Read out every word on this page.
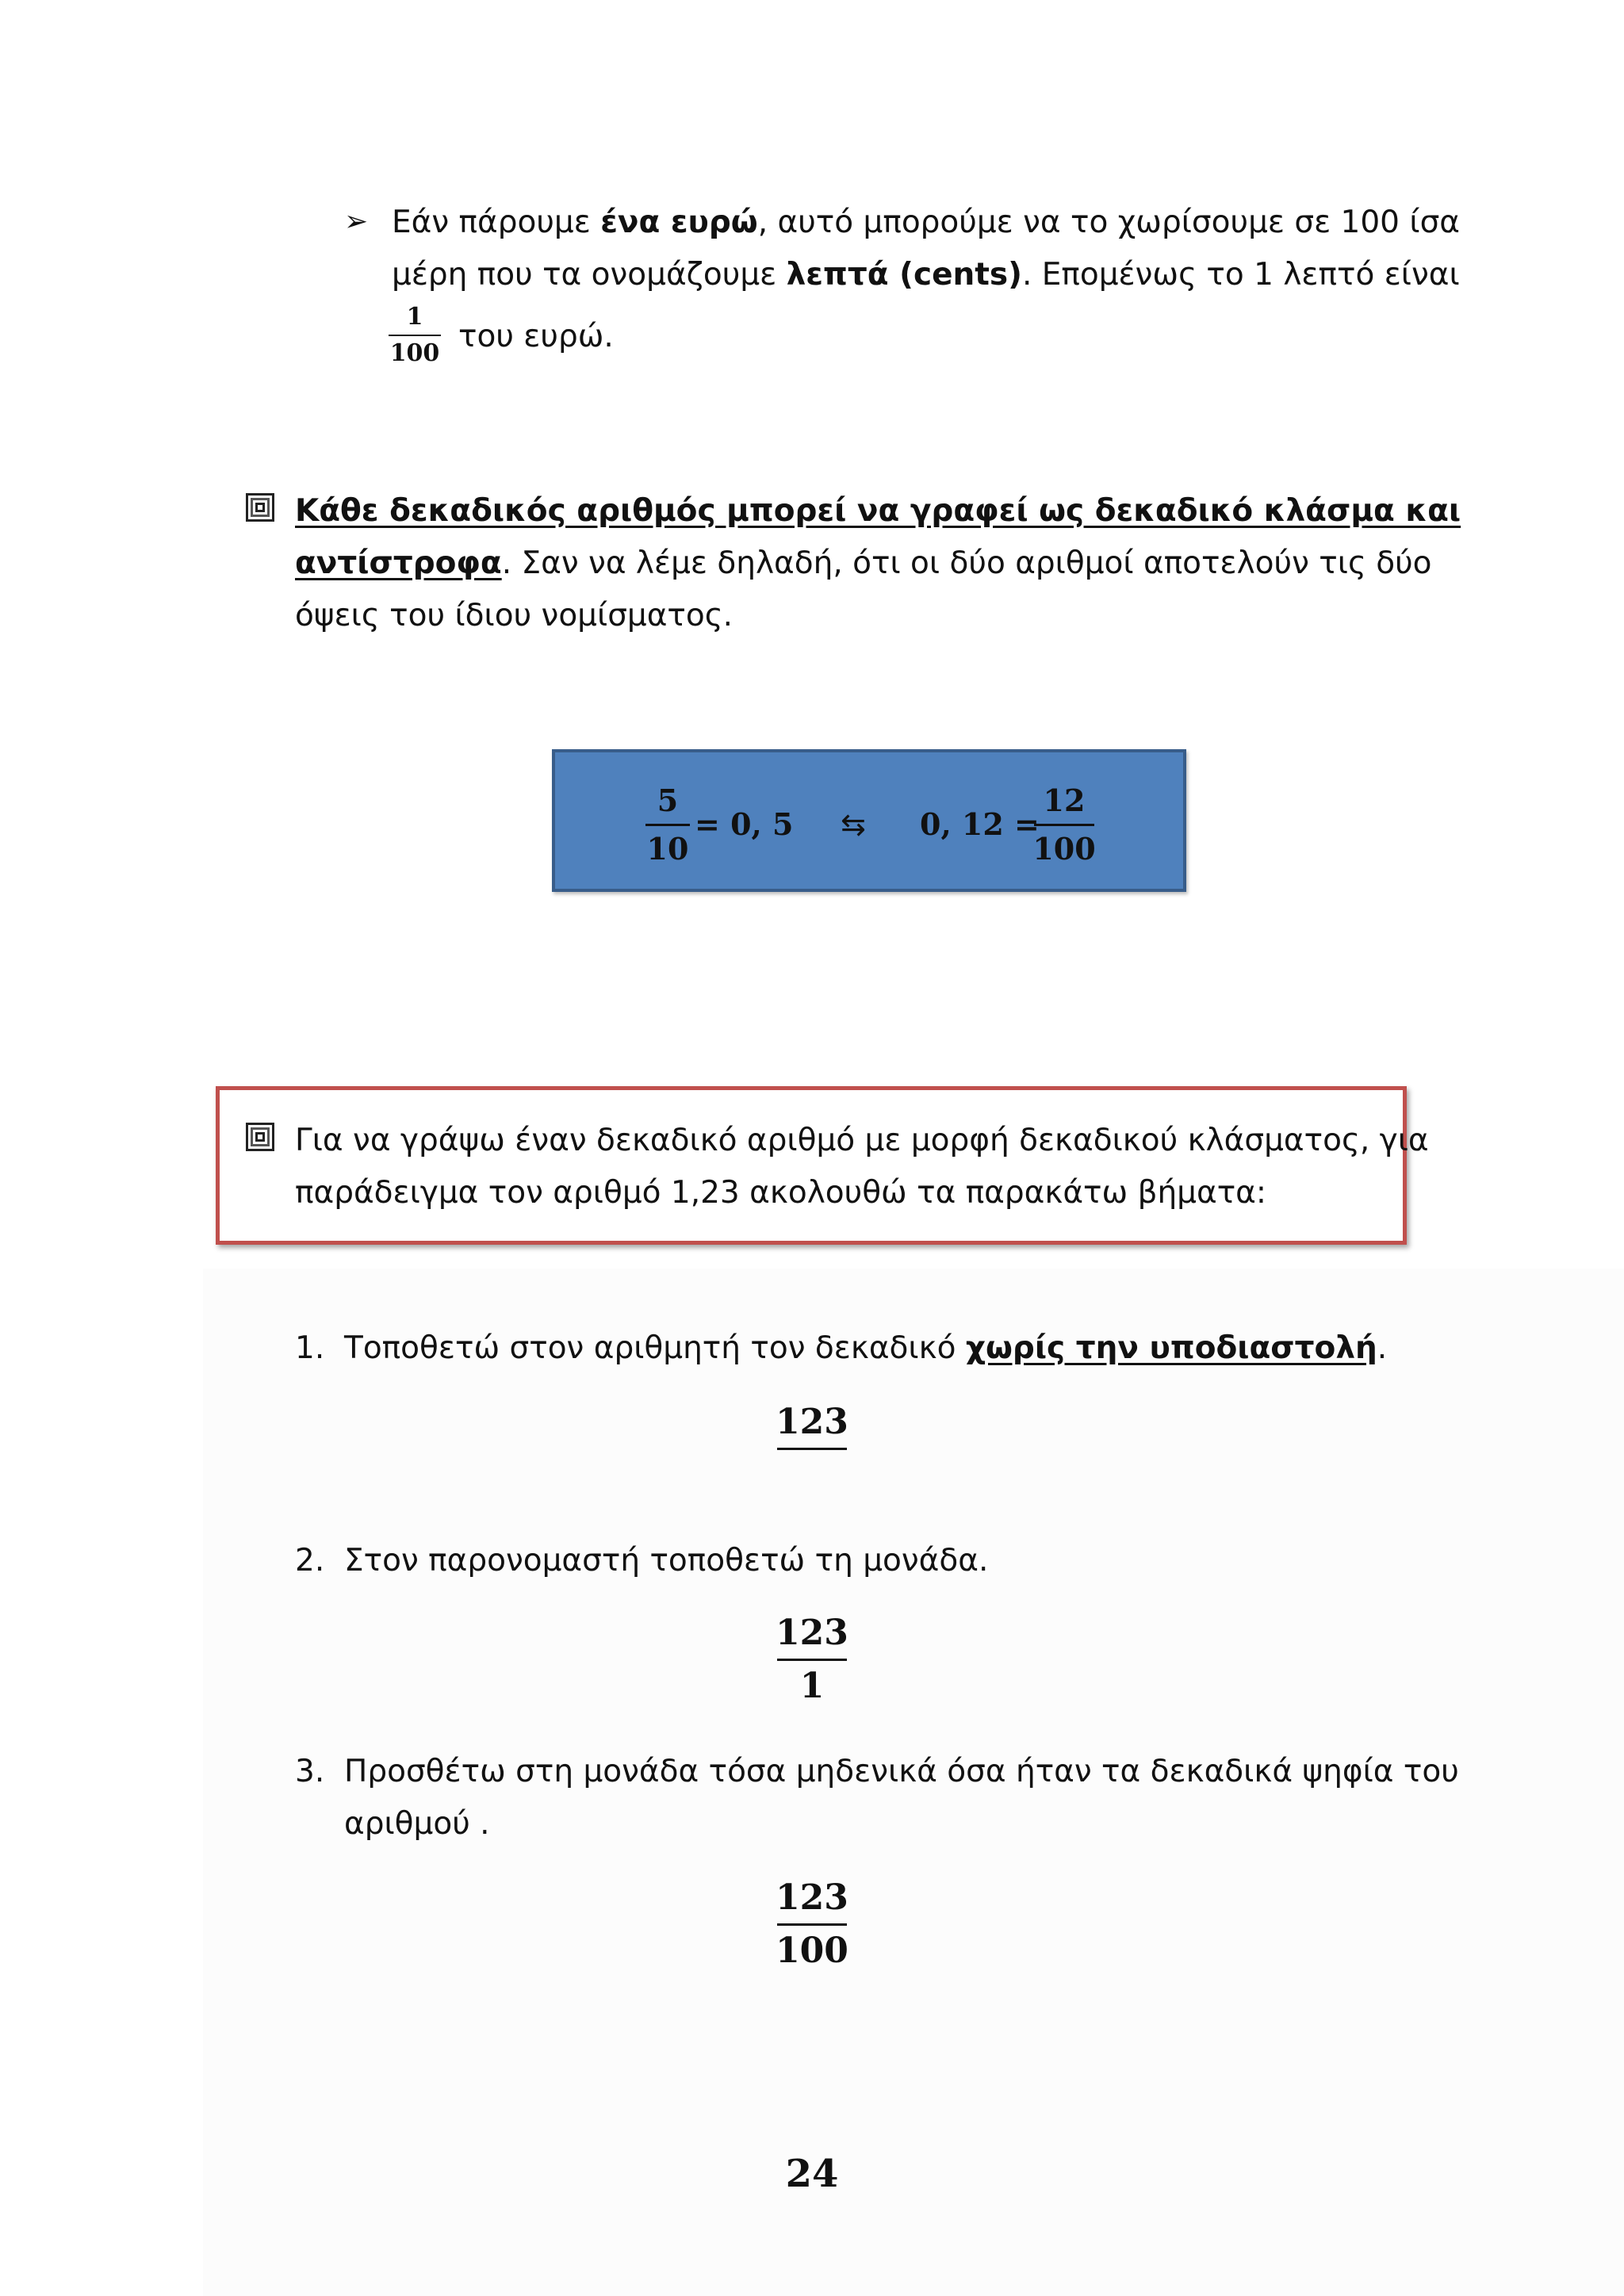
➢ Εάν πάρουμε ένα ευρώ, αυτό μπορούμε να το χωρίσουμε σε 100 ίσα

μέρη που τα ονομάζουμε λεπτά (cents). Επομένως το 1 λεπτό είναι

1
100 του ευρώ.

Κάθε δεκαδικός αριθμός μπορεί να γραφεί ως δεκαδικό κλάσμα και

αντίστροφα. Σαν να λέμε δηλαδή, ότι οι δύο αριθμοί αποτελούν τις δύο

όψεις του ίδιου νομίσματος.

5
10
= 0, 5 ⇆ 0, 12 =
12
100

Για να γράψω έναν δεκαδικό αριθμό με μορφή δεκαδικού κλάσματος, για

παράδειγμα τον αριθμό 1,23 ακολουθώ τα παρακάτω βήματα:

1. Τοποθετώ στον αριθμητή τον δεκαδικό χωρίς την υποδιαστολή.

123

2. Στον παρονομαστή τοποθετώ τη μονάδα.

123
1

3. Προσθέτω στη μονάδα τόσα μηδενικά όσα ήταν τα δεκαδικά ψηφία του

αριθμού .

123
100
24
